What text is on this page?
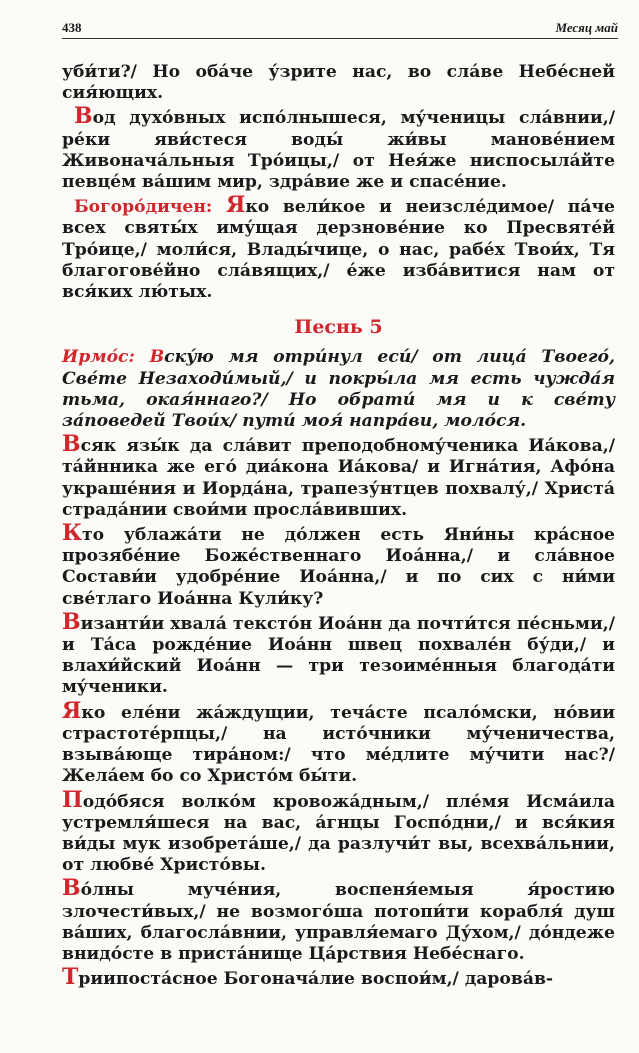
438	Месяц май

уби́ти?/ Но оба́че у́зрите нас, во сла́ве Небе́сней сия́ющих.

Вод духо́вных испо́лнышеся, му́ченицы сла́внии,/ ре́ки яви́стеся воды́ жи́вы мановéнием Живонача́льныя Тро́ицы,/ от Нея́же ниспосыла́йте певце́м ва́шим мир, здра́вие же и спасе́ние.

Богоро́дичен: Яко вели́кое и неизсле́димое/ па́че всех святы́х иму́щая дерзнове́ние ко Пресвяте́й Тро́ице,/ моли́ся, Влады́чице, о нас, рабе́х Твои́х, Тя благогове́йно сла́вящих,/ е́же изба́витися нам от вся́ких лю́тых.

Песнь 5

Ирмо́с: Вску́ю мя отри́нул еси́/ от лица́ Твоего́, Све́те Незаходи́мый,/ и покры́ла мя есть чужда́я тьма, окая́ннаго?/ Но обрати́ мя и к све́ту за́поведей Твои́х/ пути́ моя́ напра́ви, моло́ся.

Всяк язы́к да сла́вит преподобному́ченика Иа́кова,/ та́йнника же его́ диа́кона Иа́кова/ и Игна́тия, Афо́на украше́ния и Иорда́на, трапезу́нтцев похвалу́,/ Христа́ страда́нии свои́ми просла́вивших.

Кто ублажа́ти не до́лжен есть Яни́ны кра́сное прозябе́ние Боже́ственнаго Иоа́нна,/ и сла́вное Состави́и удобре́ние Иоа́нна,/ и по сих с ни́ми све́тлаго Иоа́нна Кули́ку?

Византи́и хвала́ тексто́н Иоа́нн да почти́тся пе́сньми,/ и Та́са рожде́ние Иоа́нн швец похвале́н бу́ди,/ и влахи́йский Иоа́нн — три тезоиме́нныя благода́ти му́ченики.

Яко еле́ни жа́ждущии, теча́сте псало́мски, но́вии страстоте́рпцы,/ на исто́чники му́ченичества, взыва́юще тира́ном:/ что ме́длите му́чити нас?/ Жела́ем бо со Христо́м бы́ти.

Подо́бяся волко́м кровожа́дным,/ пле́мя Исма́ила устремля́шеся на вас, а́гнцы Госпо́дни,/ и вся́кия ви́ды мук изобрета́ше,/ да разлучи́т вы, всехва́льнии, от любве́ Христо́вы.

Во́лны муче́ния, воспеня́емыя я́ростию злочести́вых,/ не возмого́ша потопи́ти корабля́ душ ва́ших, благосла́внии, управля́емаго Ду́хом,/ до́ндеже внидо́сте в приста́нище Ца́рствия Небе́снаго.

Триипоста́сное Богонача́лие воспои́м,/ дарова́в-
